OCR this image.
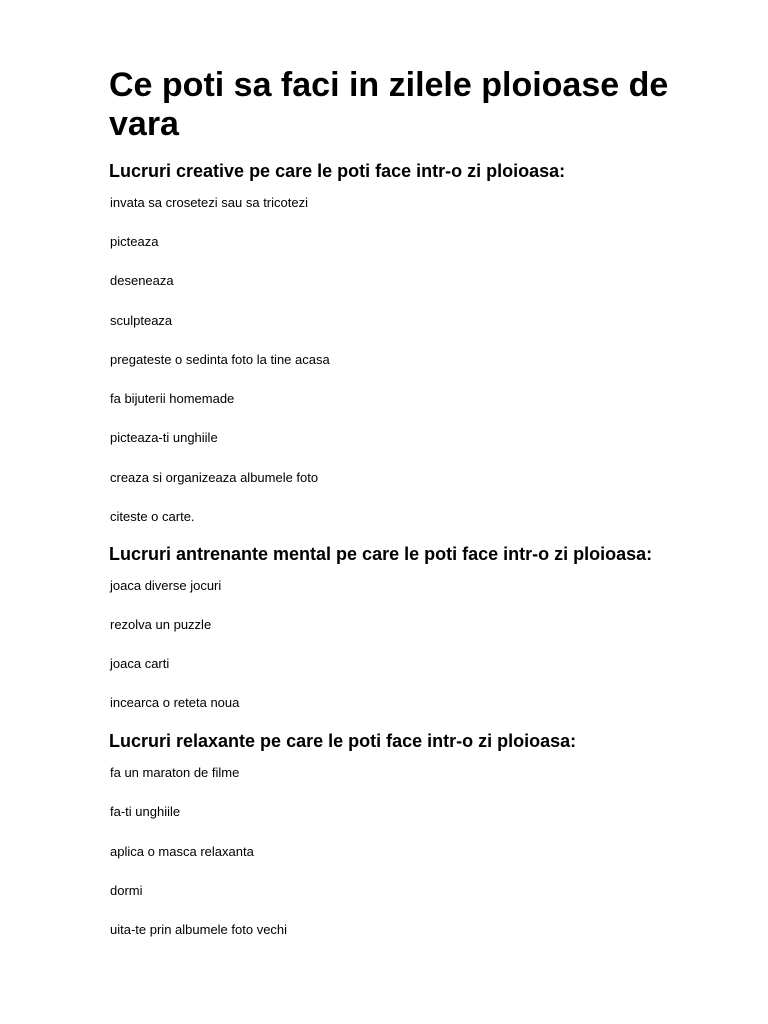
Ce poti sa faci in zilele ploioase de vara
Lucruri creative pe care le poti face intr-o zi ploioasa:

invata sa crosetezi sau sa tricotezi

picteaza

deseneaza

sculpteaza

pregateste o sedinta foto la tine acasa

fa bijuterii homemade

picteaza-ti unghiile

creaza si organizeaza albumele foto

citeste o carte.

Lucruri antrenante mental pe care le poti face intr-o zi ploioasa:

joaca diverse jocuri

rezolva un puzzle

joaca carti

incearca o reteta noua

Lucruri relaxante pe care le poti face intr-o zi ploioasa:

fa un maraton de filme

fa-ti unghiile

aplica o masca relaxanta

dormi

uita-te prin albumele foto vechi
